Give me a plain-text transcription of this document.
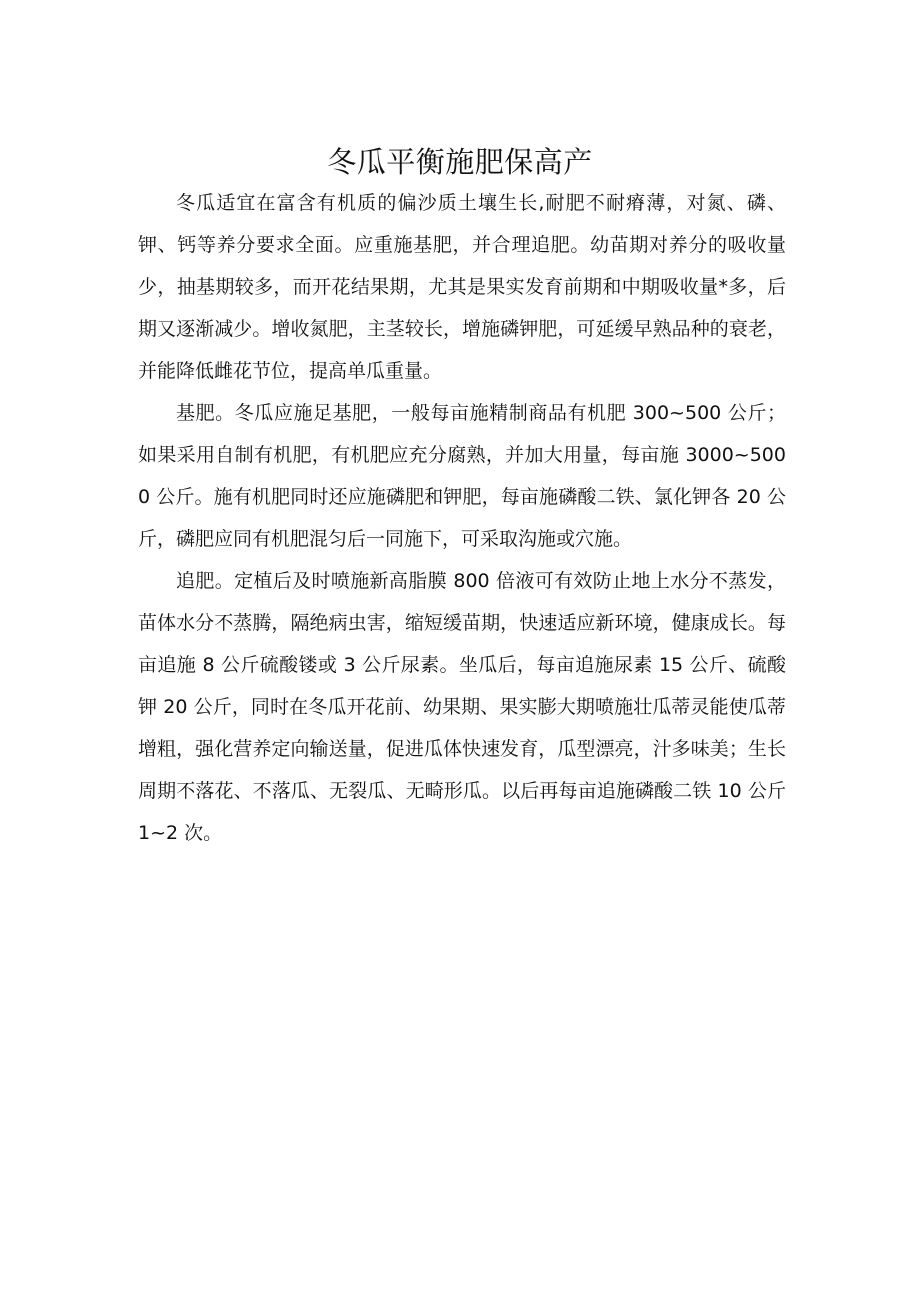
冬瓜平衡施肥保高产

冬瓜适宜在富含有机质的偏沙质土壤生长,耐肥不耐瘠薄，对氮、磷、钾、钙等养分要求全面。应重施基肥，并合理追肥。幼苗期对养分的吸收量少，抽基期较多，而开花结果期，尤其是果实发育前期和中期吸收量*多，后期又逐渐减少。增收氮肥，主茎较长，增施磷钾肥，可延缓早熟品种的衰老，并能降低雌花节位，提高单瓜重量。

基肥。冬瓜应施足基肥，一般每亩施精制商品有机肥 300~500 公斤；如果采用自制有机肥，有机肥应充分腐熟，并加大用量，每亩施 3000~5000 公斤。施有机肥同时还应施磷肥和钾肥，每亩施磷酸二铁、氯化钾各 20 公斤，磷肥应同有机肥混匀后一同施下，可采取沟施或穴施。

追肥。定植后及时喷施新高脂膜 800 倍液可有效防止地上水分不蒸发，苗体水分不蒸腾，隔绝病虫害，缩短缓苗期，快速适应新环境，健康成长。每亩追施 8 公斤硫酸镂或 3 公斤尿素。坐瓜后，每亩追施尿素 15 公斤、硫酸钾 20 公斤，同时在冬瓜开花前、幼果期、果实膨大期喷施壮瓜蒂灵能使瓜蒂增粗，强化营养定向输送量，促进瓜体快速发育，瓜型漂亮，汁多味美；生长周期不落花、不落瓜、无裂瓜、无畸形瓜。以后再每亩追施磷酸二铁 10 公斤 1~2 次。
